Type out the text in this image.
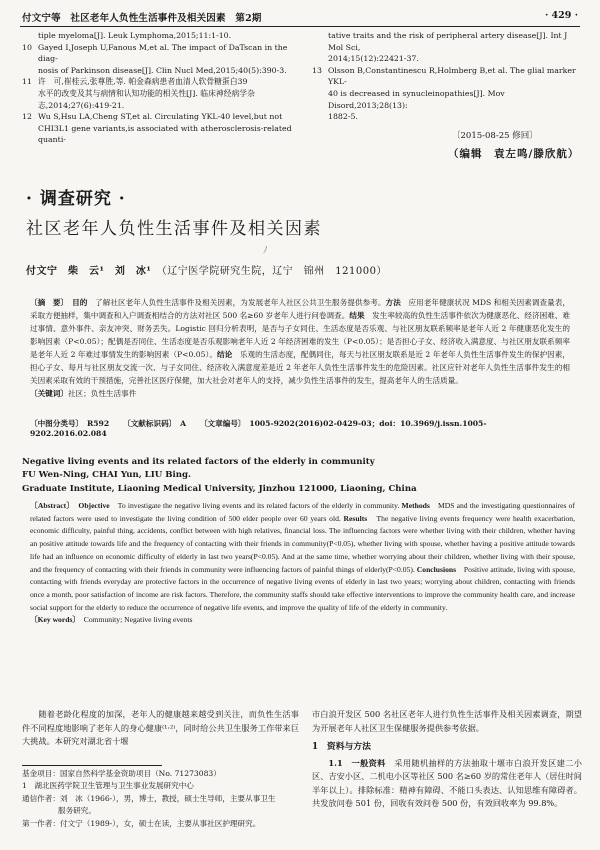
付文宁等　社区老年人负性生活事件及相关因素　第2期	· 429 ·
tiple myeloma[J]. Leuk Lymphoma,2015;11:1-10.
10 Gayed I,Joseph U,Fanous M,et al. The impact of DaTscan in the diag-

nosis of Parkinson disease[J]. Clin Nucl Med,2015;40(5):390-3.

11 许　可,崔桂云,张尊胜,等. 帕金森病患者血清人软骨糖蛋白39

水平的改变及其与病情和认知功能的相关性[J]. 临床神经病学杂

志,2014;27(6):419-21.

12 Wu S,Hsu LA,Cheng ST,et al. Circulating YKL-40 level,but not

CHI3L1 gene variants,is associated with atherosclerosis-related quanti-

tative traits and the risk of peripheral artery disease[J]. Int J Mol Sci,

2014;15(12):22421-37.

13 Olsson B,Constantinescu R,Holmberg B,et al. The glial marker YKL-

40 is decreased in synucleinopathies[J]. Mov Disord,2013;28(13):

1882-5.

〔2015-08-25 修回〕
（编辑　袁左鸣/滕欣航）
· 调查研究 ·
社区老年人负性生活事件及相关因素
ﾉ
付文宁　柴　云¹　刘　冰¹　 （辽宁医学院研究生院，辽宁　锦州　121000）
〔摘　要〕　 目的　 了解社区老年人负性生活事件及相关因素，为发展老年人社区公共卫生服务提供参考。方法　 应用老年健康状况 MDS 和相关因素调查量表，采取方便抽样，集中调查和入户调查相结合的方法对社区 500 名≥60 岁老年人进行问卷调查。结果　 发生率较高的负性生活事件依次为健康恶化、经济困难、难过事情、意外事件、亲友冲突、财务丢失。Logistic 回归分析表明，是否与子女同住、生活态度是否乐观、与社区朋友联系频率是老年人近 2 年健康恶化发生的影响因素（P<0.05）；配偶是否同住、生活态度是否乐观影响老年人近 2 年经济困难的发生（P<0.05）；是否担心子女、经济收入满意度、与社区朋友联系频率是老年人近 2 年难过事情发生的影响因素（P<0.05）。结论　 乐观的生活态度，配偶同住，每天与社区朋友联系是近 2 年老年人负性生活事件发生的保护因素，担心子女、每月与社区朋友交流一次、与子女同住、经济收入满意度差是近 2 年老年人负性生活事件发生的危险因素。社区应针对老年人负性生活事件发生的相关因素采取有效的干预措施，完善社区医疗保健，加大社会对老年人的支持，减少负性生活事件的发生，提高老年人的生活质量。
〔关键词〕社区；负性生活事件
〔中图分类号〕　R592 〔文献标识码〕　A 〔文章编号〕　1005-9202(2016)02-0429-03；doi：10.3969/j.issn.1005-9202.2016.02.084
Negative living events and its related factors of the elderly in community
FU Wen-Ning, CHAI Yun, LIU Bing.
Graduate Institute, Liaoning Medical University, Jinzhou 121000, Liaoning, China
〔Abstract〕　 Objective　 To investigate the negative living events and its related factors of the elderly in community. Methods　 MDS and the investigating questionnaires of related factors were used to investigate the living condition of 500 elder people over 60 years old. Results　 The negative living events frequency were health exacerbation, economic difficulty, painful thing, accidents, conflict between with high relatives, financial loss. The influencing factors were whether living with their children, whether having an positive attitude towards life and the frequency of contacting with their friends in community(P<0.05), whether living with spouse, whether having a positive attitude towards life had an influence on economic difficulty of elderly in last two years(P<0.05). And at the same time, whether worrying about their children, whether living with their spouse, and the frequency of contacting with their friends in community were influencing factors of painful things of elderly(P<0.05). Conclusions　 Positive attitude, living with spouse, contacting with friends everyday are protective factors in the occurrence of negative living events of elderly in last two years; worrying about children, contacting with friends once a month, poor satisfaction of income are risk factors. Therefore, the community staffs should take effective interventions to improve the community health care, and increase social support for the elderly to reduce the occurrence of negative life events, and improve the quality of life of the elderly in community.
〔Key words〕　 Community; Negative living events
随着老龄化程度的加深，老年人的健康越来越受到关注，而负性生活事件不同程度地影响了老年人的身心健康⁽¹·²⁾，同时给公共卫生服务工作带来巨大挑战。本研究对湖北省十堰

市白浪开发区 500 名社区老年人进行负性生活事件及相关因素调查，期望为开展老年人社区卫生保健服务提供参考依据。

1　资料与方法

1.1　一般资料　 采用随机抽样的方法抽取十堰市白浪开发区建二小区、吉安小区、二机电小区等社区 500 名≥60 岁的常住老年人（居住时间半年以上）。排除标准：精神有障碍、不能口头表达、认知思维有障碍者。共发放问卷 501 份，回收有效问卷 500 份，有效回收率为 99.8%。

基金项目：国家自然科学基金资助项目（No. 71273083）

1　湖北医药学院卫生管理与卫生事业发展研究中心

通信作者：刘　冰（1966-），男，博士，教授，硕士生导师，主要从事卫生

服务研究。

第一作者：付文宁（1989-），女，硕士在读，主要从事社区护理研究。
